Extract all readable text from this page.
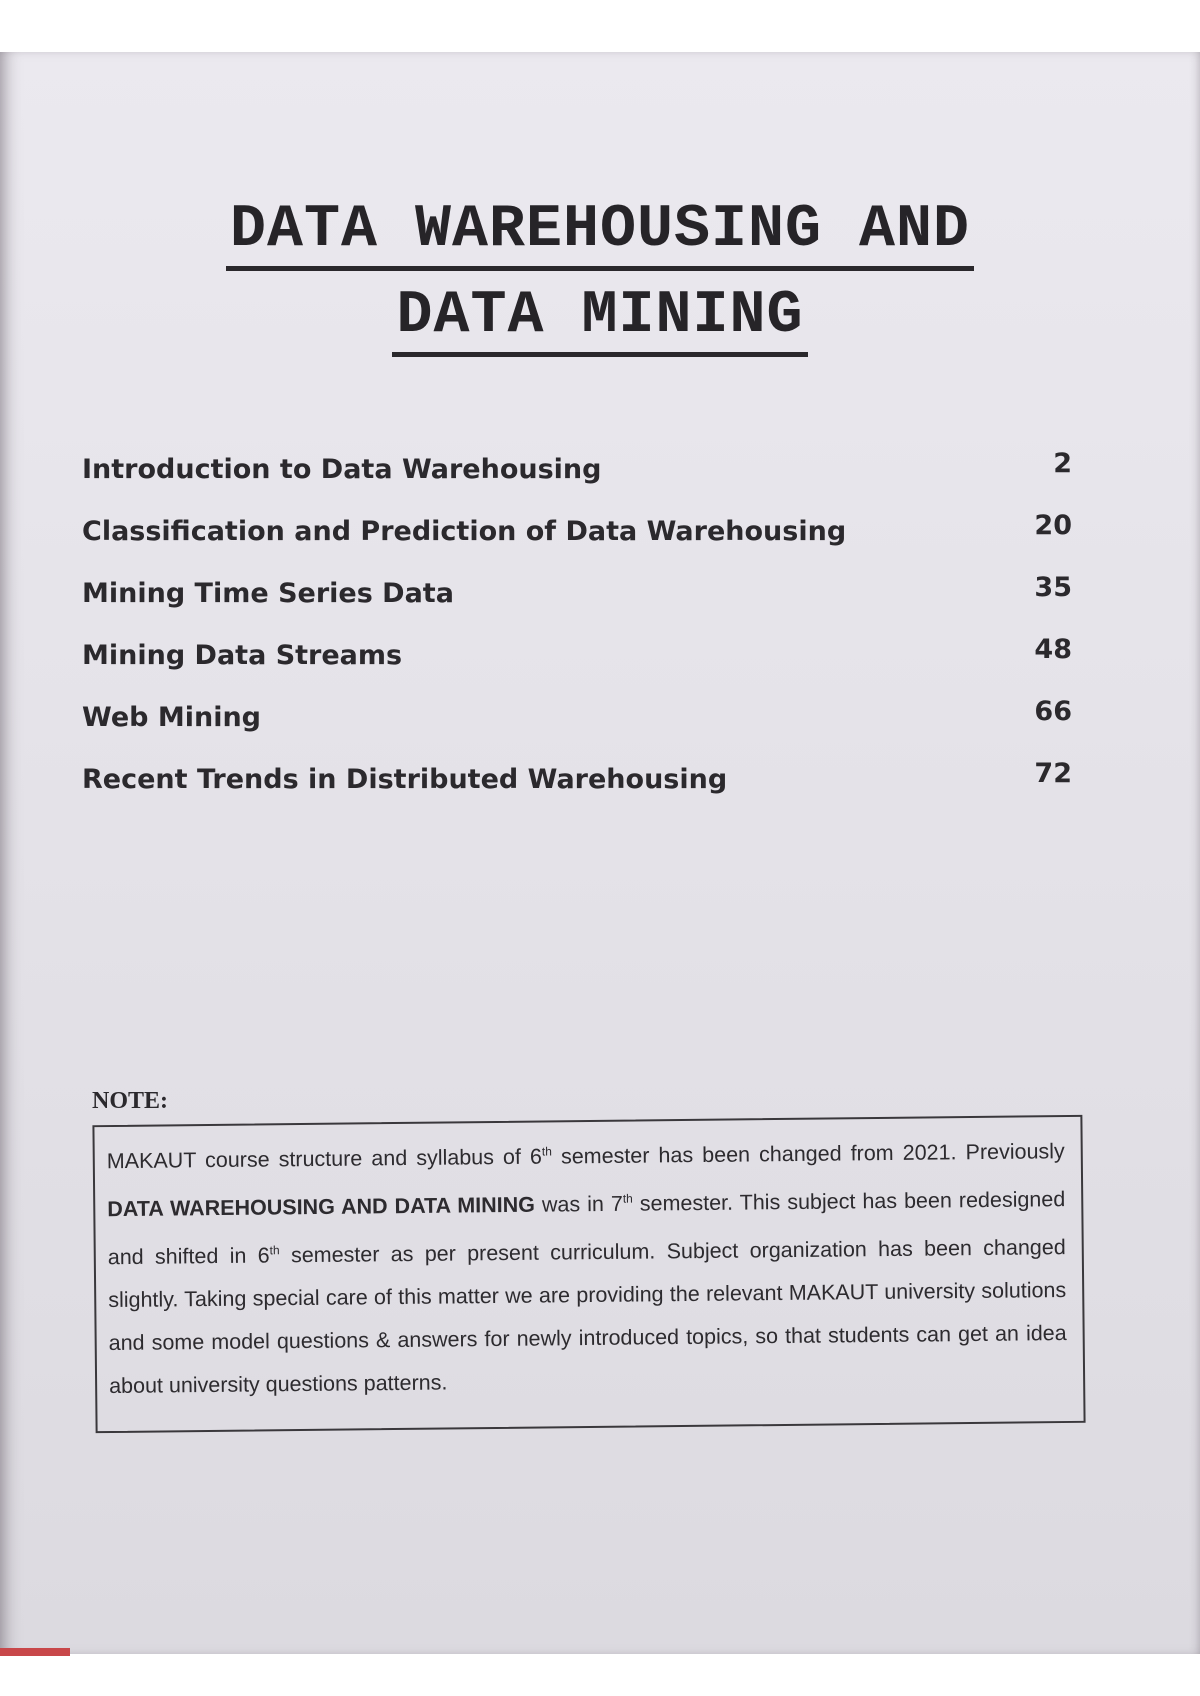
DATA WAREHOUSING AND
DATA MINING
Introduction to Data Warehousing	2
Classification and Prediction of Data Warehousing	20
Mining Time Series Data	35
Mining Data Streams	48
Web Mining	66
Recent Trends in Distributed Warehousing	72
NOTE:
MAKAUT course structure and syllabus of 6th semester has been changed from 2021. Previously DATA WAREHOUSING AND DATA MINING was in 7th semester. This subject has been redesigned and shifted in 6th semester as per present curriculum. Subject organization has been changed slightly. Taking special care of this matter we are providing the relevant MAKAUT university solutions and some model questions & answers for newly introduced topics, so that students can get an idea about university questions patterns.
